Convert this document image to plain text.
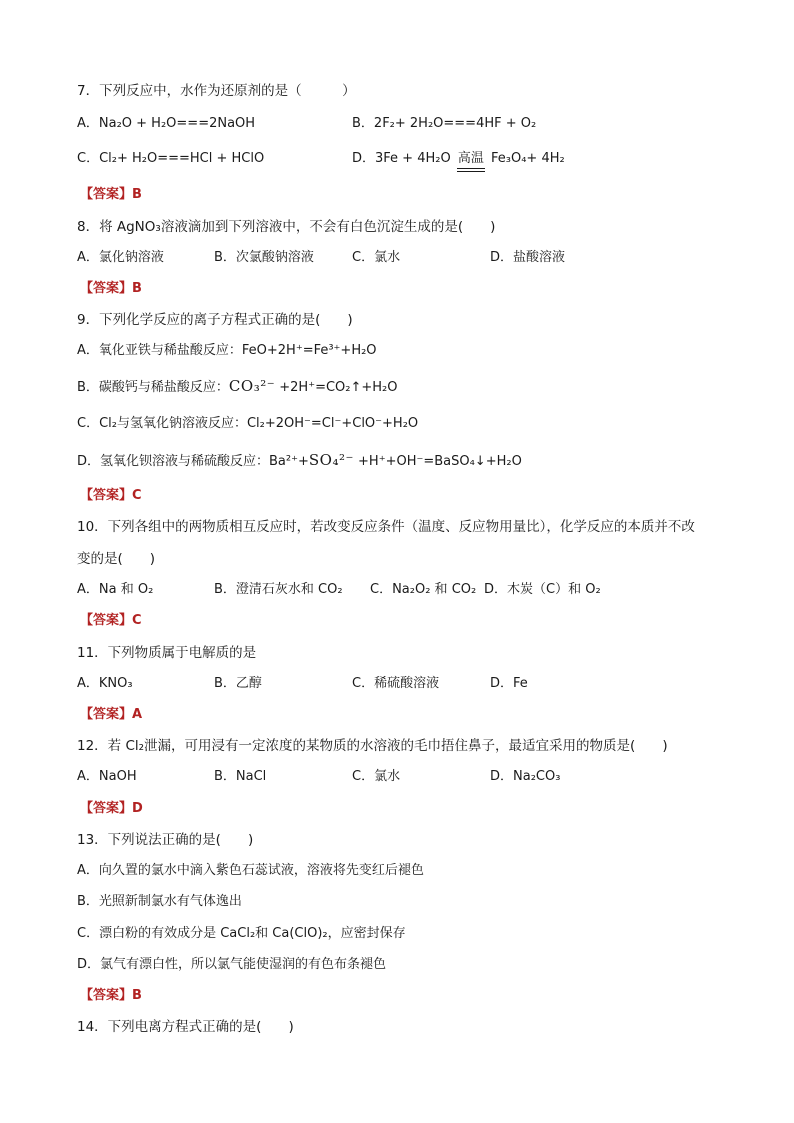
7．下列反应中，水作为还原剂的是（　　　）
A．Na₂O + H₂O===2NaOH	B．2F₂+ 2H₂O===4HF + O₂
C．Cl₂+ H₂O===HCl + HClO	D．3Fe + 4H₂O 高温 Fe₃O₄+ 4H₂
【答案】B
8．将 AgNO₃溶液滴加到下列溶液中，不会有白色沉淀生成的是(　　)
A．氯化钠溶液	B．次氯酸钠溶液	C．氯水	D．盐酸溶液
【答案】B
9．下列化学反应的离子方程式正确的是(　　)
A．氧化亚铁与稀盐酸反应：FeO+2H⁺=Fe³⁺+H₂O
B．碳酸钙与稀盐酸反应：CO₃²⁻ +2H⁺=CO₂↑+H₂O
C．Cl₂与氢氧化钠溶液反应：Cl₂+2OH⁻=Cl⁻+ClO⁻+H₂O
D．氢氧化钡溶液与稀硫酸反应：Ba²⁺+SO₄²⁻ +H⁺+OH⁻=BaSO₄↓+H₂O
【答案】C
10．下列各组中的两物质相互反应时，若改变反应条件（温度、反应物用量比），化学反应的本质并不改
变的是(　　)
A．Na 和 O₂	B．澄清石灰水和 CO₂ C．Na₂O₂ 和 CO₂ D．木炭（C）和 O₂
【答案】C
11．下列物质属于电解质的是
A．KNO₃	B．乙醇	C．稀硫酸溶液	D．Fe
【答案】A
12．若 Cl₂泄漏，可用浸有一定浓度的某物质的水溶液的毛巾捂住鼻子，最适宜采用的物质是(　　)
A．NaOH	B．NaCl	C．氯水	D．Na₂CO₃
【答案】D
13．下列说法正确的是(　　)
A．向久置的氯水中滴入紫色石蕊试液，溶液将先变红后褪色
B．光照新制氯水有气体逸出
C．漂白粉的有效成分是 CaCl₂和 Ca(ClO)₂，应密封保存
D．氯气有漂白性，所以氯气能使湿润的有色布条褪色
【答案】B
14．下列电离方程式正确的是(　　)
